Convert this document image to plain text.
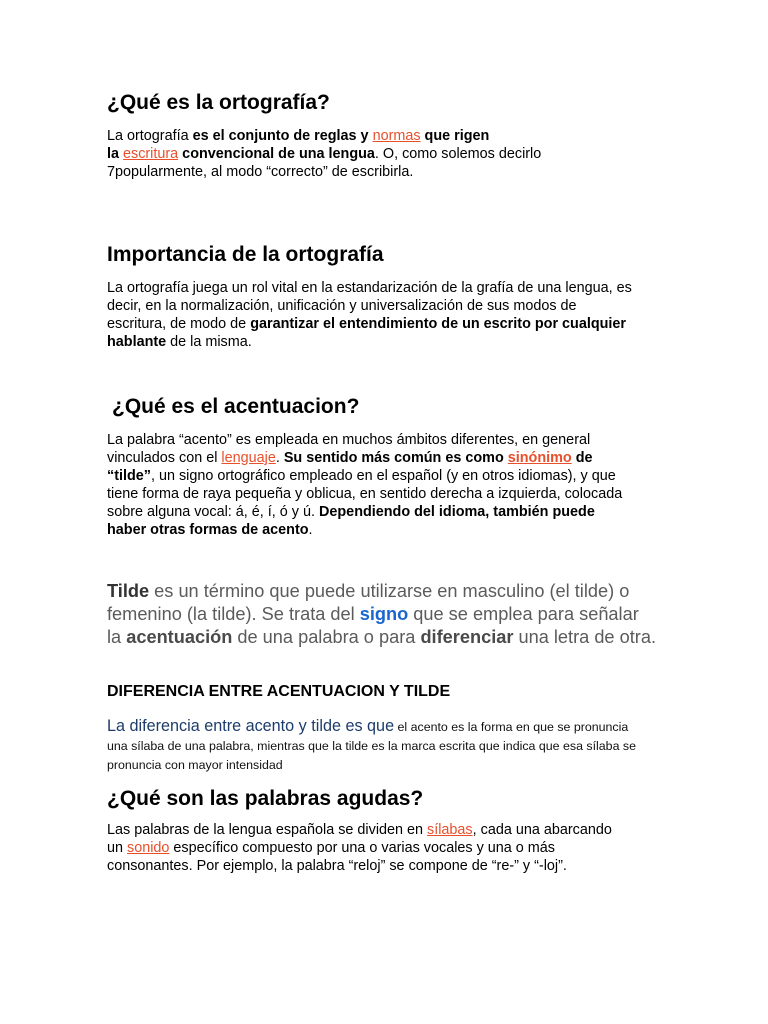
¿Qué es la ortografía?

La ortografía es el conjunto de reglas y normas que rigen
la escritura convencional de una lengua. O, como solemos decirlo
7popularmente, al modo “correcto” de escribirla.

Importancia de la ortografía

La ortografía juega un rol vital en la estandarización de la grafía de una lengua, es
decir, en la normalización, unificación y universalización de sus modos de
escritura, de modo de garantizar el entendimiento de un escrito por cualquier
hablante de la misma.

¿Qué es el acentuacion?

La palabra “acento” es empleada en muchos ámbitos diferentes, en general
vinculados con el lenguaje. Su sentido más común es como sinónimo de
“tilde”, un signo ortográfico empleado en el español (y en otros idiomas), y que
tiene forma de raya pequeña y oblicua, en sentido derecha a izquierda, colocada
sobre alguna vocal: á, é, í, ó y ú. Dependiendo del idioma, también puede
haber otras formas de acento.

Tilde es un término que puede utilizarse en masculino (el tilde) o
femenino (la tilde). Se trata del signo que se emplea para señalar
la acentuación de una palabra o para diferenciar una letra de otra.

DIFERENCIA ENTRE ACENTUACION Y TILDE

La diferencia entre acento y tilde es que el acento es la forma en que se pronuncia
una sílaba de una palabra, mientras que la tilde es la marca escrita que indica que esa sílaba se
pronuncia con mayor intensidad

¿Qué son las palabras agudas?

Las palabras de la lengua española se dividen en sílabas, cada una abarcando
un sonido específico compuesto por una o varias vocales y una o más
consonantes. Por ejemplo, la palabra “reloj” se compone de “re-” y “-loj”.
